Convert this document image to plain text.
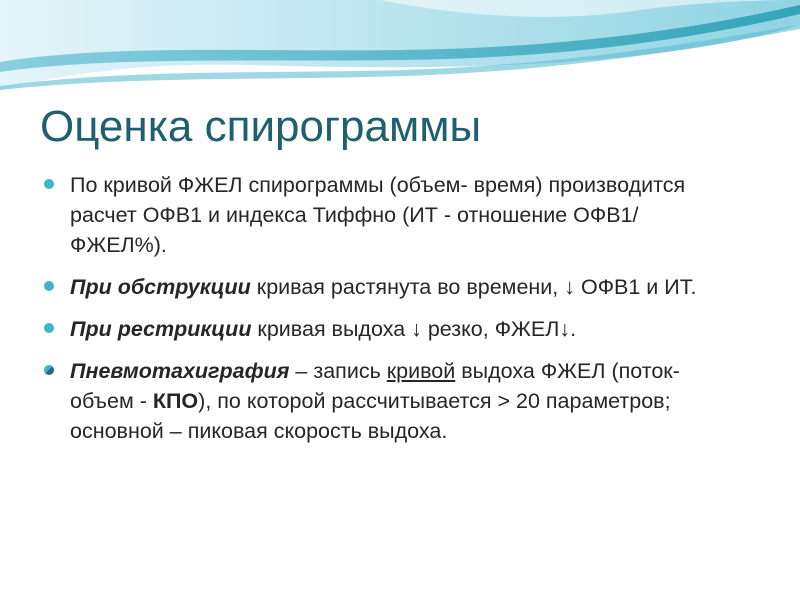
Оценка спирограммы
По кривой ФЖЕЛ спирограммы (объем- время) производится расчет ОФВ1 и индекса Тиффно (ИТ - отношение ОФВ1/ ФЖЕЛ%).
При обструкции кривая растянута во времени, ↓ ОФВ1 и ИТ.
При рестрикции кривая выдоха ↓ резко, ФЖЕЛ↓.
Пневмотахиграфия – запись кривой выдоха ФЖЕЛ (поток-объем - КПО), по которой рассчитывается > 20 параметров; основной – пиковая скорость выдоха.
